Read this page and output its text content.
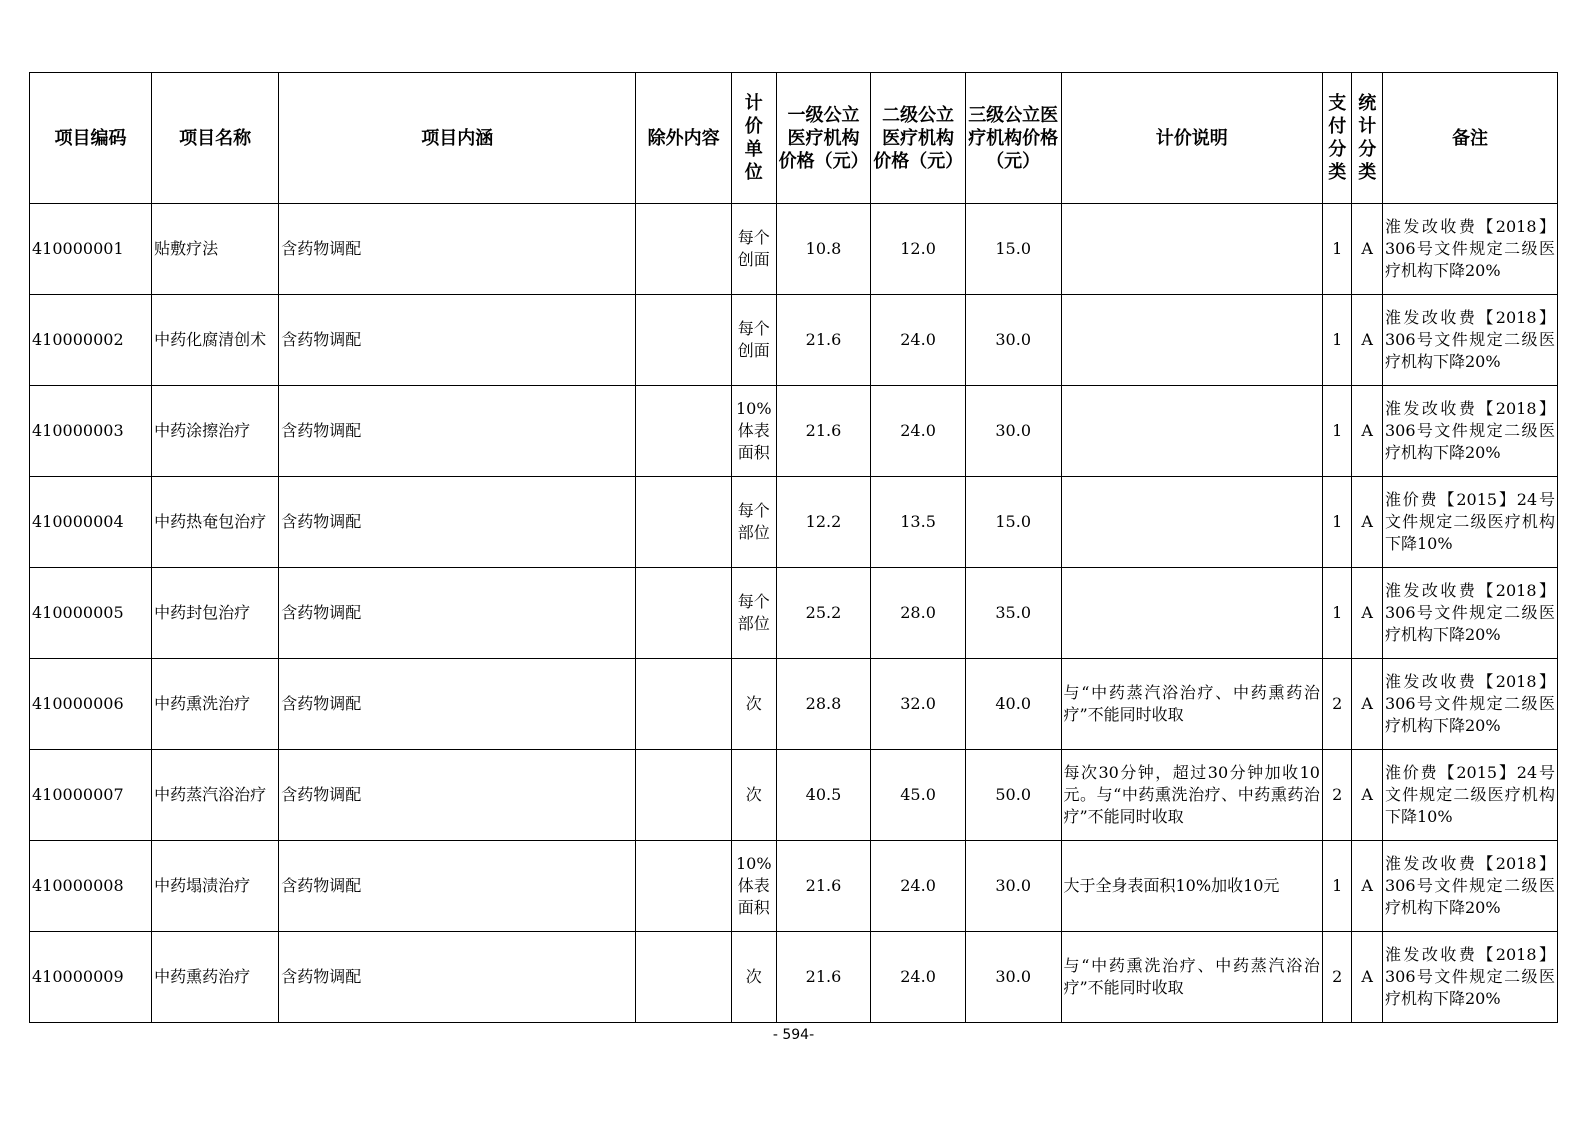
项目编码	项目名称	项目内涵	除外内容	计价单位	一级公立医疗机构价格（元）	二级公立医疗机构价格（元）	三级公立医疗机构价格（元）	计价说明	支付分类	统计分类	备注
410000001	贴敷疗法	含药物调配		每个创面	10.8	12.0	15.0		1	A	淮发改收费【2018】306号文件规定二级医疗机构下降20%
410000002	中药化腐清创术	含药物调配		每个创面	21.6	24.0	30.0		1	A	淮发改收费【2018】306号文件规定二级医疗机构下降20%
410000003	中药涂擦治疗	含药物调配		10%体表面积	21.6	24.0	30.0		1	A	淮发改收费【2018】306号文件规定二级医疗机构下降20%
410000004	中药热奄包治疗	含药物调配		每个部位	12.2	13.5	15.0		1	A	淮价费【2015】24号文件规定二级医疗机构下降10%
410000005	中药封包治疗	含药物调配		每个部位	25.2	28.0	35.0		1	A	淮发改收费【2018】306号文件规定二级医疗机构下降20%
410000006	中药熏洗治疗	含药物调配		次	28.8	32.0	40.0	与“中药蒸汽浴治疗、中药熏药治疗”不能同时收取	2	A	淮发改收费【2018】306号文件规定二级医疗机构下降20%
410000007	中药蒸汽浴治疗	含药物调配		次	40.5	45.0	50.0	每次30分钟，超过30分钟加收10元。与“中药熏洗治疗、中药熏药治疗”不能同时收取	2	A	淮价费【2015】24号文件规定二级医疗机构下降10%
410000008	中药塌渍治疗	含药物调配		10%体表面积	21.6	24.0	30.0	大于全身表面积10%加收10元	1	A	淮发改收费【2018】306号文件规定二级医疗机构下降20%
410000009	中药熏药治疗	含药物调配		次	21.6	24.0	30.0	与“中药熏洗治疗、中药蒸汽浴治疗”不能同时收取	2	A	淮发改收费【2018】306号文件规定二级医疗机构下降20%
- 594-
